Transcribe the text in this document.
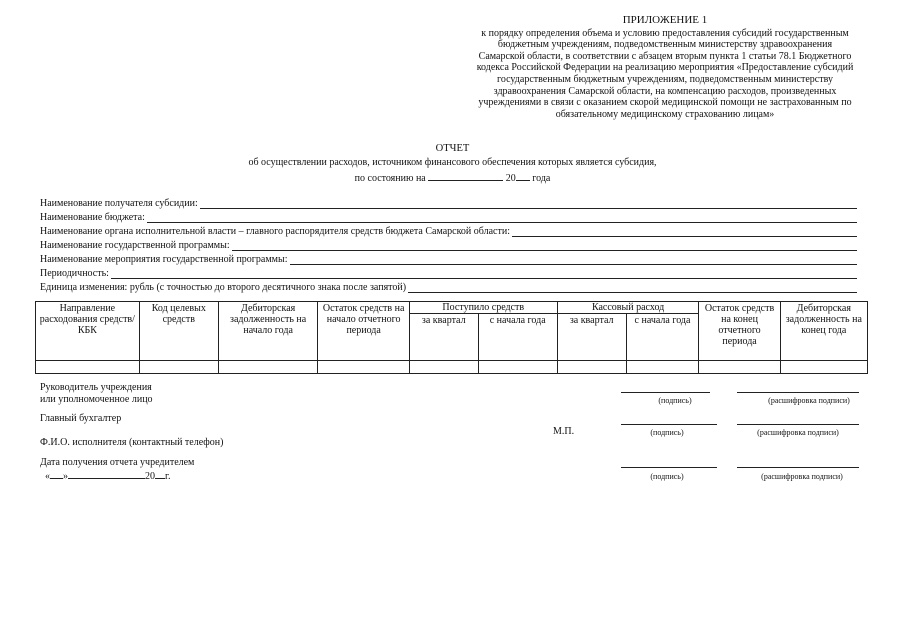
ПРИЛОЖЕНИЕ 1
к порядку определения объема и условию предоставления субсидий государственным
бюджетным учреждениям, подведомственным министерству здравоохранения
Самарской области, в соответствии с абзацем вторым пункта 1 статьи 78.1 Бюджетного
кодекса Российской Федерации на реализацию мероприятия «Предоставление субсидий
государственным бюджетным учреждениям, подведомственным министерству
здравоохранения Самарской области, на компенсацию расходов, произведенных
учреждениями в связи с оказанием скорой медицинской помощи не застрахованным по
обязательному медицинскому страхованию лицам»
ОТЧЕТ
об осуществлении расходов, источником финансового обеспечения которых является субсидия,
по состоянию на	20 года
Наименование получателя субсидии:
Наименование бюджета:
Наименование органа исполнительной власти – главного распорядителя средств бюджета Самарской области:
Наименование государственной программы:
Наименование мероприятия государственной программы:
Периодичность:
Единица изменения: рубль (с точностью до второго десятичного знака после запятой)
Направление расходования средств/КБК	Код целевых средств	Дебиторская задолженность на начало года	Остаток средств на начало отчетного периода	Поступило средств		Кассовый расход		Остаток средств на конец отчетного периода	Дебиторская задолженность на конец года
				за квартал	с начала года	за квартал	с начала года		

Руководитель учреждения
или уполномоченное лицо	(подпись)	(расшифровка подписи)
Главный бухгалтер
М.П.	(подпись)	(расшифровка подписи)
Ф.И.О. исполнителя (контактный телефон)
Дата получения отчета учредителем
« »	20 г.	(подпись)	(расшифровка подписи)
